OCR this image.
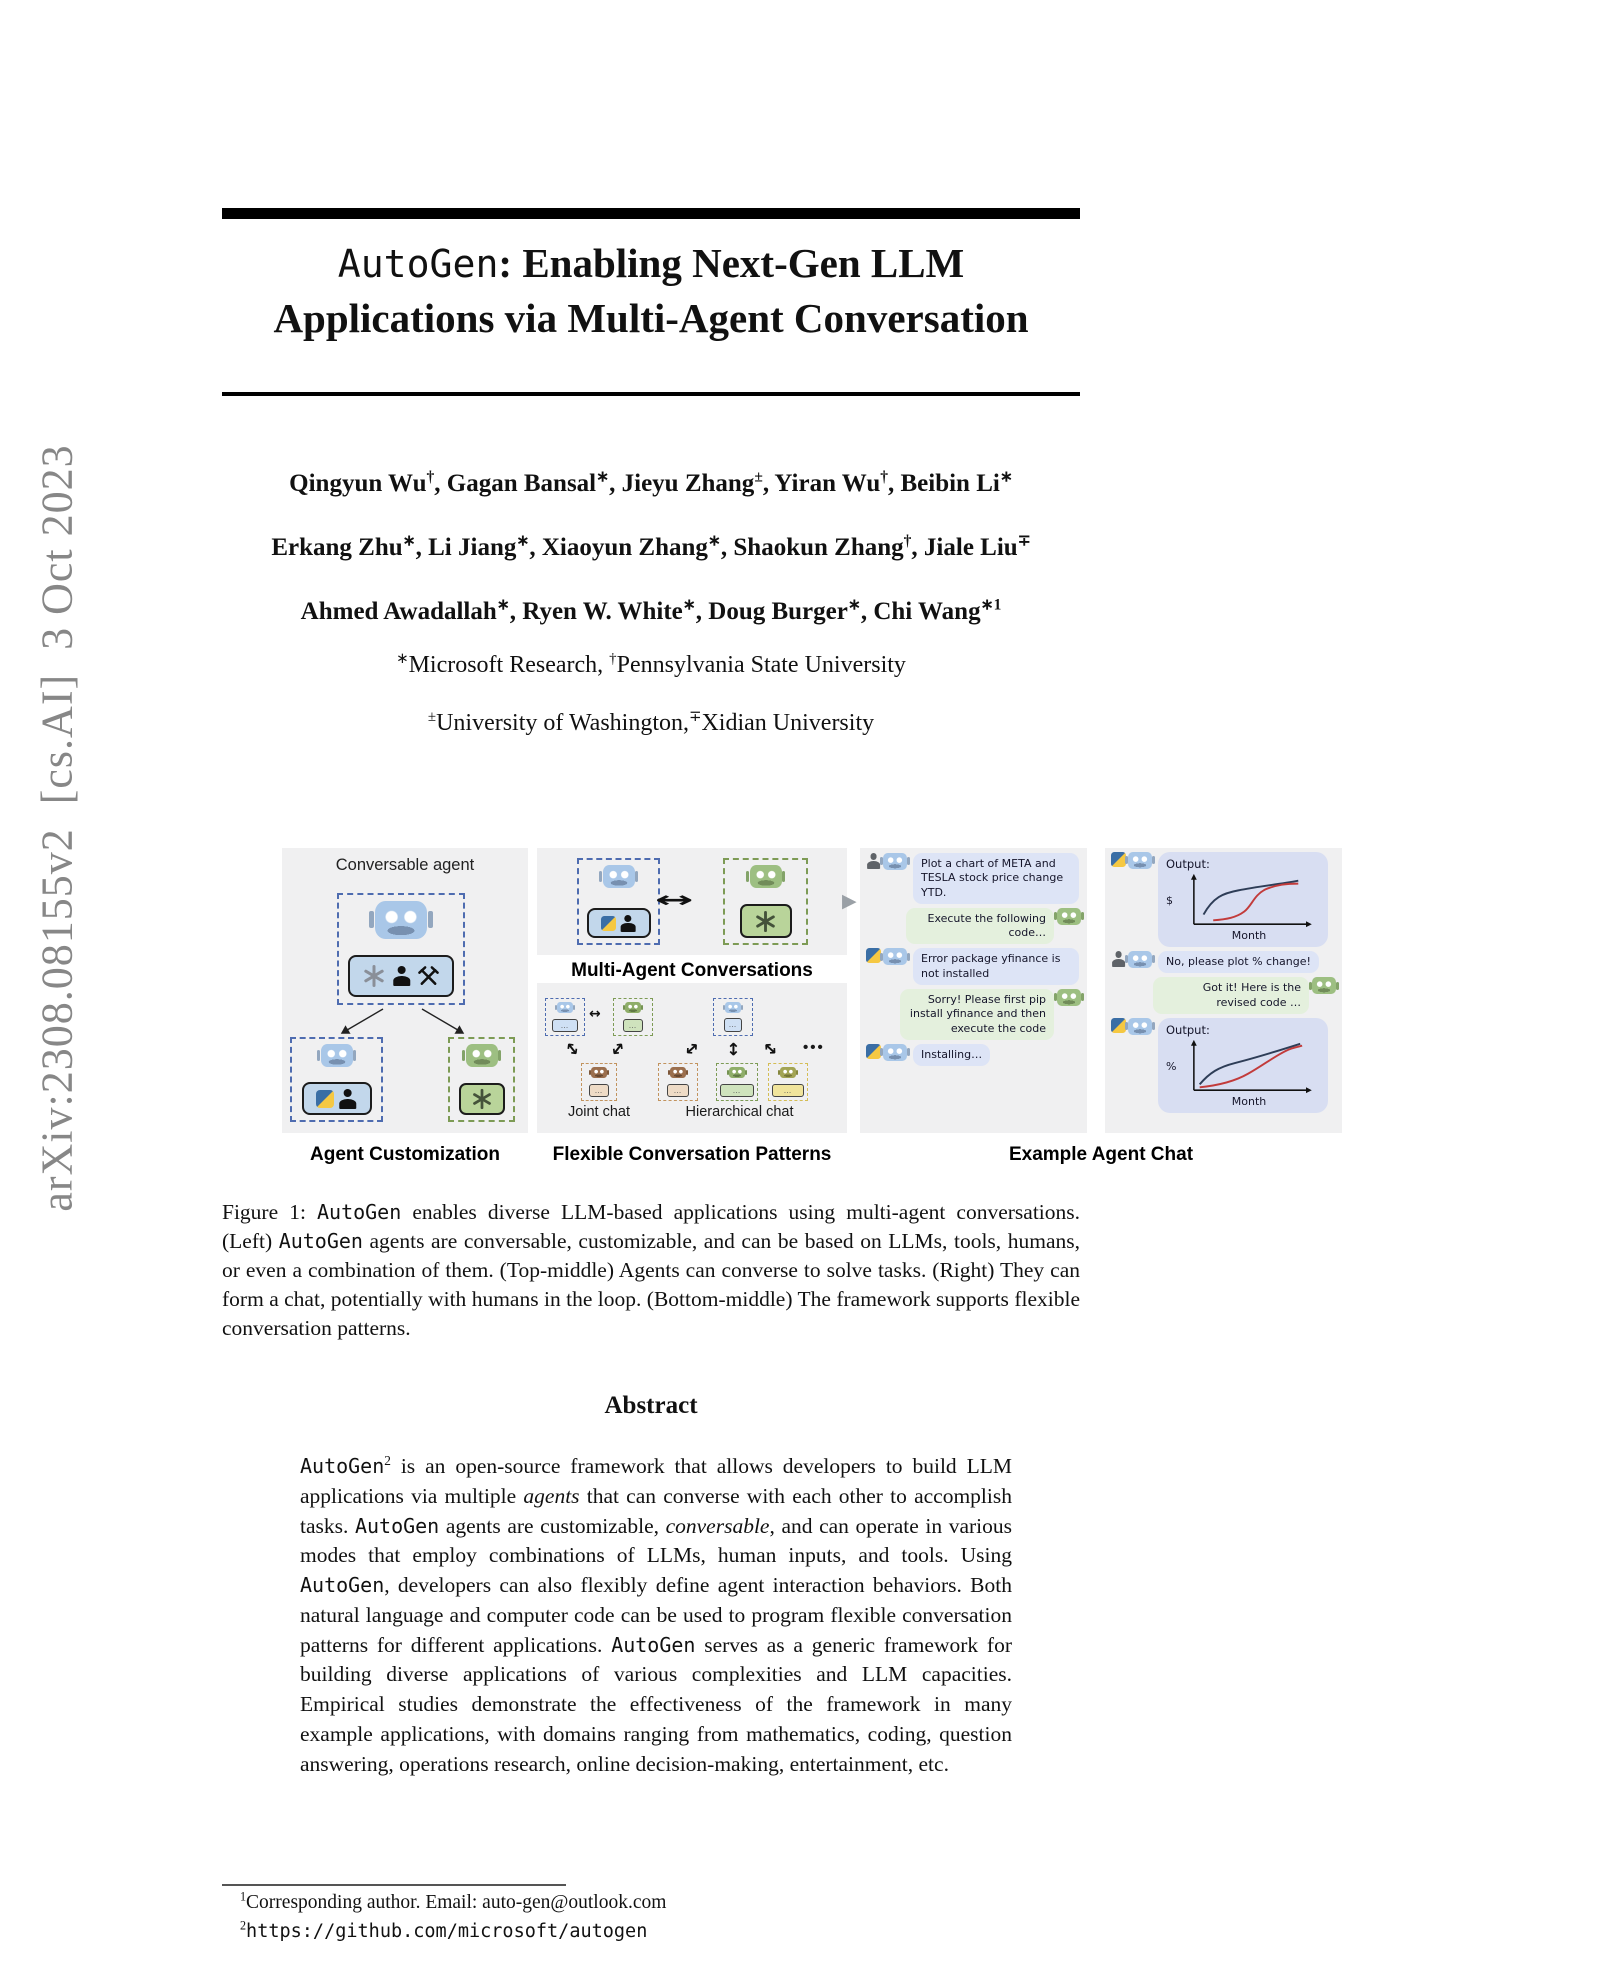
arXiv:2308.08155v2  [cs.AI]  3 Oct 2023
AutoGen: Enabling Next-Gen LLM
Applications via Multi-Agent Conversation
Qingyun Wu†, Gagan Bansal∗, Jieyu Zhang±, Yiran Wu†, Beibin Li∗
Erkang Zhu∗, Li Jiang∗, Xiaoyun Zhang∗, Shaokun Zhang†, Jiale Liu∓
Ahmed Awadallah∗, Ryen W. White∗, Doug Burger∗, Chi Wang$^{∗1}$
∗Microsoft Research, †Pennsylvania State University
±University of Washington,∓Xidian University
Conversable agent
↔
Multi-Agent Conversations
…
↔
…
↔ ↔
…
Joint chat
…
↔ ↔ ↔
…	…	…
Hierarchical chat
•••
▶
Plot a chart of META and TESLA stock price change YTD.
Execute the following code…
Error package yfinance is not installed
Sorry! Please first pip install yfinance and then execute the code
Installing…
Output:
$
Month
No, please plot % change!
Got it! Here is the revised code …
Output:
%
Month
Agent Customization	Flexible Conversation Patterns	Example Agent Chat
Figure 1: AutoGen enables diverse LLM-based applications using multi-agent conversations. (Left) AutoGen agents are conversable, customizable, and can be based on LLMs, tools, humans, or even a combination of them. (Top-middle) Agents can converse to solve tasks. (Right) They can form a chat, potentially with humans in the loop. (Bottom-middle) The framework supports flexible conversation patterns.
Abstract
AutoGen$^2$ is an open-source framework that allows developers to build LLM applications via multiple agents that can converse with each other to accomplish tasks. AutoGen agents are customizable, conversable, and can operate in various modes that employ combinations of LLMs, human inputs, and tools. Using AutoGen, developers can also flexibly define agent interaction behaviors. Both natural language and computer code can be used to program flexible conversation patterns for different applications. AutoGen serves as a generic framework for building diverse applications of various complexities and LLM capacities. Empirical studies demonstrate the effectiveness of the framework in many example applications, with domains ranging from mathematics, coding, question answering, operations research, online decision-making, entertainment, etc.
$^1$Corresponding author. Email: auto-gen@outlook.com
$^2$https://github.com/microsoft/autogen
